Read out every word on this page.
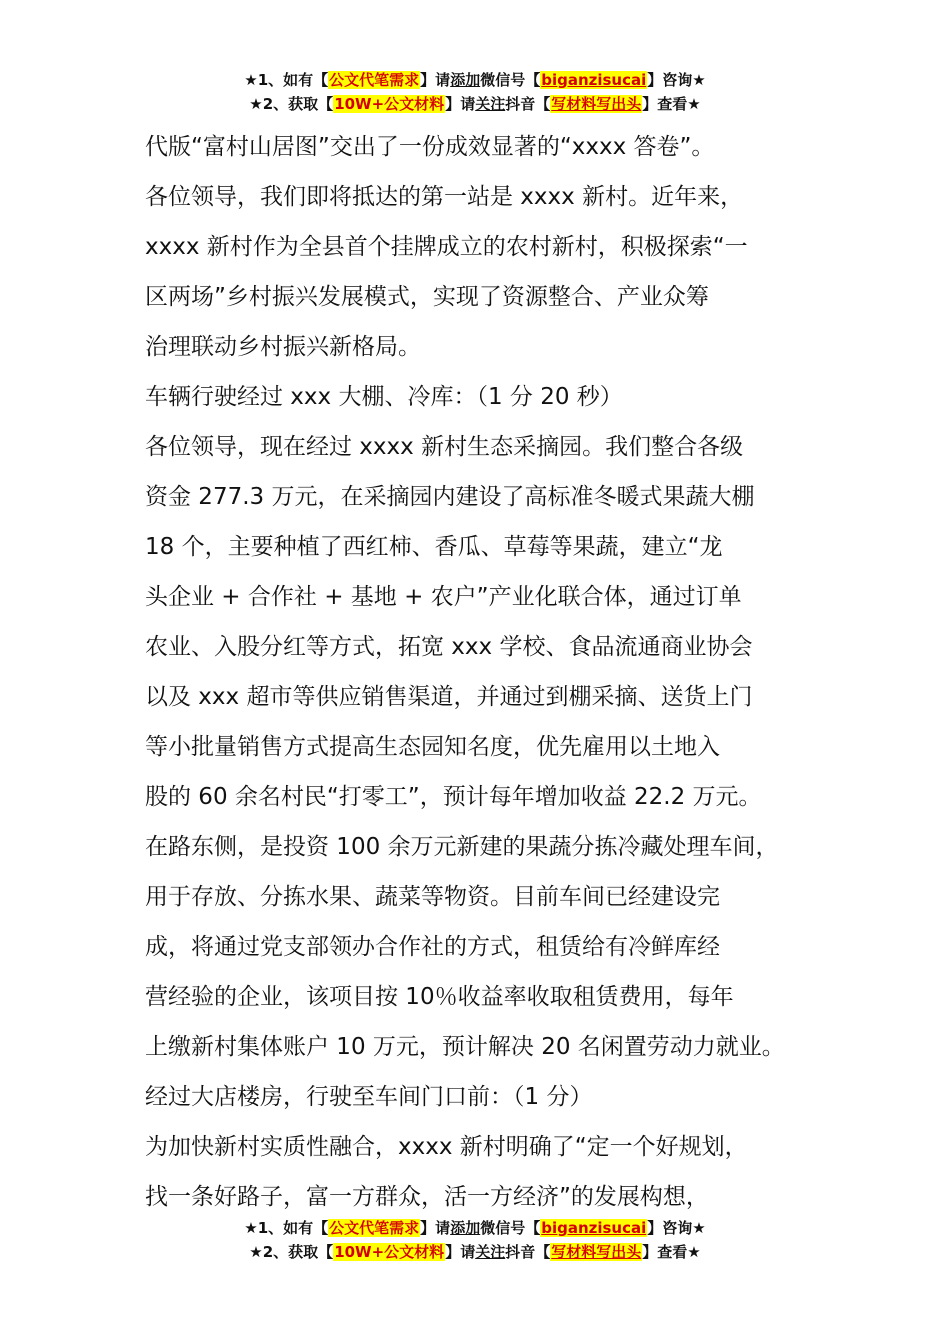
★1、如有【公文代笔需求】请添加微信号【biganzisucai】咨询★
★2、获取【10W+公文材料】请关注抖音【写材料写出头】查看★
代版“富村山居图”交出了一份成效显著的“xxxx 答卷”。
各位领导，我们即将抵达的第一站是 xxxx 新村。近年来，
xxxx 新村作为全县首个挂牌成立的农村新村，积极探索“一
区两场”乡村振兴发展模式，实现了资源整合、产业众筹
治理联动乡村振兴新格局。
车辆行驶经过 xxx 大棚、冷库：（1 分 20 秒）
各位领导，现在经过 xxxx 新村生态采摘园。我们整合各级
资金 277.3 万元，在采摘园内建设了高标准冬暖式果蔬大棚
18 个，主要种植了西红柿、香瓜、草莓等果蔬，建立“龙
头企业 + 合作社 + 基地 + 农户”产业化联合体，通过订单
农业、入股分红等方式，拓宽 xxx 学校、食品流通商业协会
以及 xxx 超市等供应销售渠道，并通过到棚采摘、送货上门
等小批量销售方式提高生态园知名度，优先雇用以土地入
股的 60 余名村民“打零工”，预计每年增加收益 22.2 万元。
在路东侧，是投资 100 余万元新建的果蔬分拣冷藏处理车间，
用于存放、分拣水果、蔬菜等物资。目前车间已经建设完
成，将通过党支部领办合作社的方式，租赁给有冷鲜库经
营经验的企业，该项目按 10％收益率收取租赁费用，每年
上缴新村集体账户 10 万元，预计解决 20 名闲置劳动力就业。
经过大店楼房，行驶至车间门口前：（1 分）
为加快新村实质性融合，xxxx 新村明确了“定一个好规划，
找一条好路子，富一方群众，活一方经济”的发展构想，
★1、如有【公文代笔需求】请添加微信号【biganzisucai】咨询★
★2、获取【10W+公文材料】请关注抖音【写材料写出头】查看★
